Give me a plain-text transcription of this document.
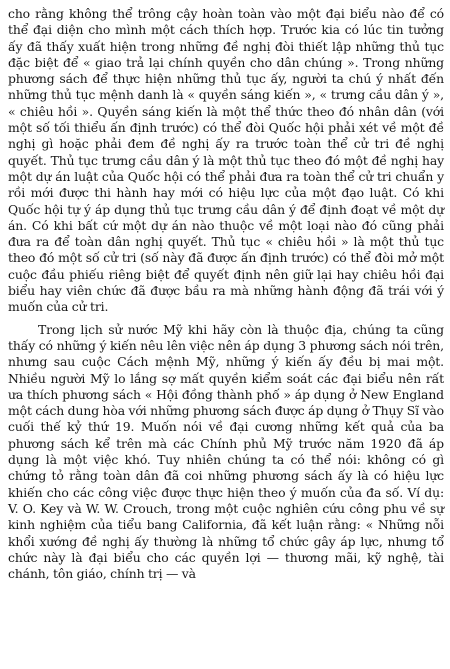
cho rằng không thể trông cậy hoàn toàn vào một đại biểu nào để có thể đại diện cho mình một cách thích hợp. Trước kia có lúc tin tưởng ấy đã thấy xuất hiện trong những đề nghị đòi thiết lập những thủ tục đặc biệt để « giao trả lại chính quyền cho dân chúng ». Trong những phương sách để thực hiện những thủ tục ấy, người ta chú ý nhất đến những thủ tục mệnh danh là « quyền sáng kiến », « trưng cầu dân ý », « chiêu hồi ». Quyền sáng kiến là một thể thức theo đó nhân dân (với một số tối thiểu ấn định trước) có thể đòi Quốc hội phải xét về một đề nghị gì hoặc phải đem đề nghị ấy ra trước toàn thể cử tri đề nghị quyết. Thủ tục trưng cầu dân ý là một thủ tục theo đó một đề nghị hay một dự án luật của Quốc hội có thể phải đưa ra toàn thể cử tri chuẩn y rồi mới được thi hành hay mới có hiệu lực của một đạo luật. Có khi Quốc hội tự ý áp dụng thủ tục trưng cầu dân ý để định đoạt về một dự án. Có khi bất cứ một dự án nào thuộc về một loại nào đó cũng phải đưa ra để toàn dân nghị quyết. Thủ tục « chiêu hồi » là một thủ tục theo đó một số cử tri (số này đã được ấn định trước) có thể đòi mở một cuộc đầu phiếu riêng biệt để quyết định nên giữ lại hay chiêu hồi đại biểu hay viên chức đã được bầu ra mà những hành động đã trái với ý muốn của cử tri.

Trong lịch sử nước Mỹ khi hãy còn là thuộc địa, chúng ta cũng thấy có những ý kiến nêu lên việc nên áp dụng 3 phương sách nói trên, nhưng sau cuộc Cách mệnh Mỹ, những ý kiến ấy đều bị mai một. Nhiều người Mỹ lo lắng sợ mất quyền kiểm soát các đại biểu nên rất ưa thích phương sách « Hội đồng thành phố » áp dụng ở New England một cách dung hòa với những phương sách được áp dụng ở Thụy Sĩ vào cuối thế kỷ thứ 19. Muốn nói về đại cương những kết quả của ba phương sách kể trên mà các Chính phủ Mỹ trước năm 1920 đã áp dụng là một việc khó. Tuy nhiên chúng ta có thể nói: không có gì chứng tỏ rằng toàn dân đã coi những phương sách ấy là có hiệu lực khiến cho các công việc được thực hiện theo ý muốn của đa số. Ví dụ: V. O. Key và W. W. Crouch, trong một cuộc nghiên cứu công phu về sự kinh nghiệm của tiểu bang California, đã kết luận rằng: « Những nỗi khổi xướng đề nghị ấy thường là những tổ chức gây áp lực, nhưng tổ chức này là đại biểu cho các quyền lợi — thương mãi, kỹ nghệ, tài chánh, tôn giáo, chính trị — và
